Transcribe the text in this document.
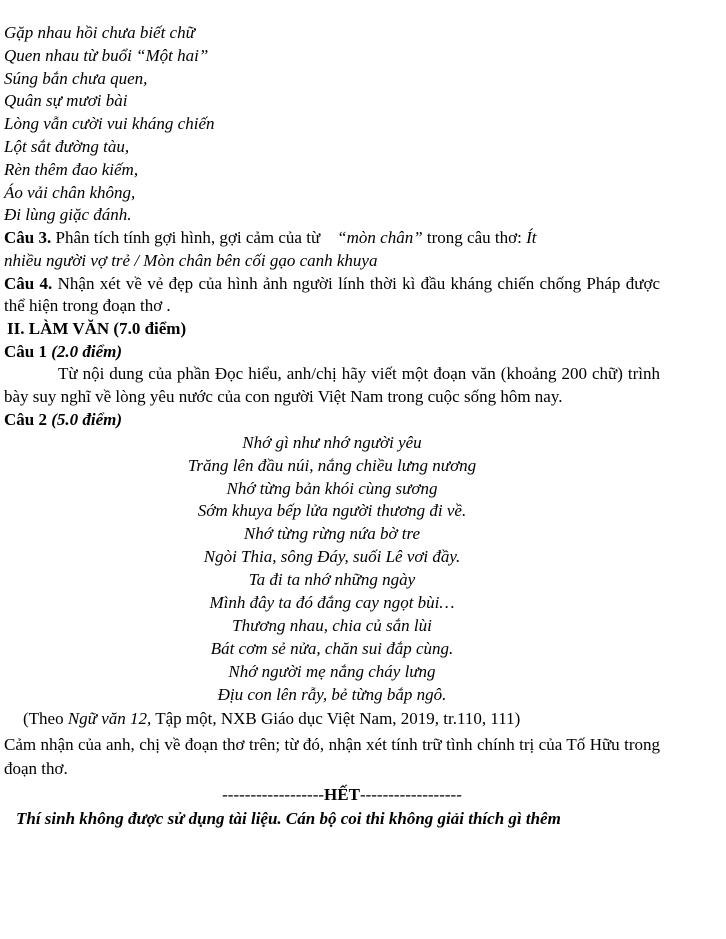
Gặp nhau hồi chưa biết chữ
Quen nhau từ buổi “Một hai”
Súng bắn chưa quen,
Quân sự mươi bài
Lòng vẫn cười vui kháng chiến
Lột sắt đường tàu,
Rèn thêm đao kiếm,
Áo vải chân không,
Đi lùng giặc đánh.
Câu 3. Phân tích tính gợi hình, gợi cảm của từ    “mòn chân” trong câu thơ: Ít
nhiều người vợ trẻ / Mòn chân bên cối gạo canh khuya
Câu 4. Nhận xét về vẻ đẹp của hình ảnh người lính thời kì đầu kháng chiến chống Pháp được thể hiện trong đoạn thơ .
II. LÀM VĂN (7.0 điểm)
Câu 1 (2.0 điểm)

Từ nội dung của phần Đọc hiểu, anh/chị hãy viết một đoạn văn (khoảng 200 chữ) trình bày suy nghĩ về lòng yêu nước của con người Việt Nam trong cuộc sống hôm nay.

Câu 2 (5.0 điểm)
Nhớ gì như nhớ người yêu
Trăng lên đầu núi, nắng chiều lưng nương
Nhớ từng bản khói cùng sương
Sớm khuya bếp lửa người thương đi về.
Nhớ từng rừng nứa bờ tre
Ngòi Thia, sông Đáy, suối Lê vơi đầy.
Ta đi ta nhớ những ngày
Mình đây ta đó đắng cay ngọt bùi…
Thương nhau, chia củ sắn lùi
Bát cơm sẻ nửa, chăn sui đắp cùng.
Nhớ người mẹ nắng cháy lưng
Địu con lên rẫy, bẻ từng bắp ngô.
(Theo Ngữ văn 12, Tập một, NXB Giáo dục Việt Nam, 2019, tr.110, 111)

Cảm nhận của anh, chị về đoạn thơ trên; từ đó, nhận xét tính trữ tình chính trị của Tố Hữu trong đoạn thơ.

------------------HẾT------------------
Thí sinh không được sử dụng tài liệu. Cán bộ coi thi không giải thích gì thêm
